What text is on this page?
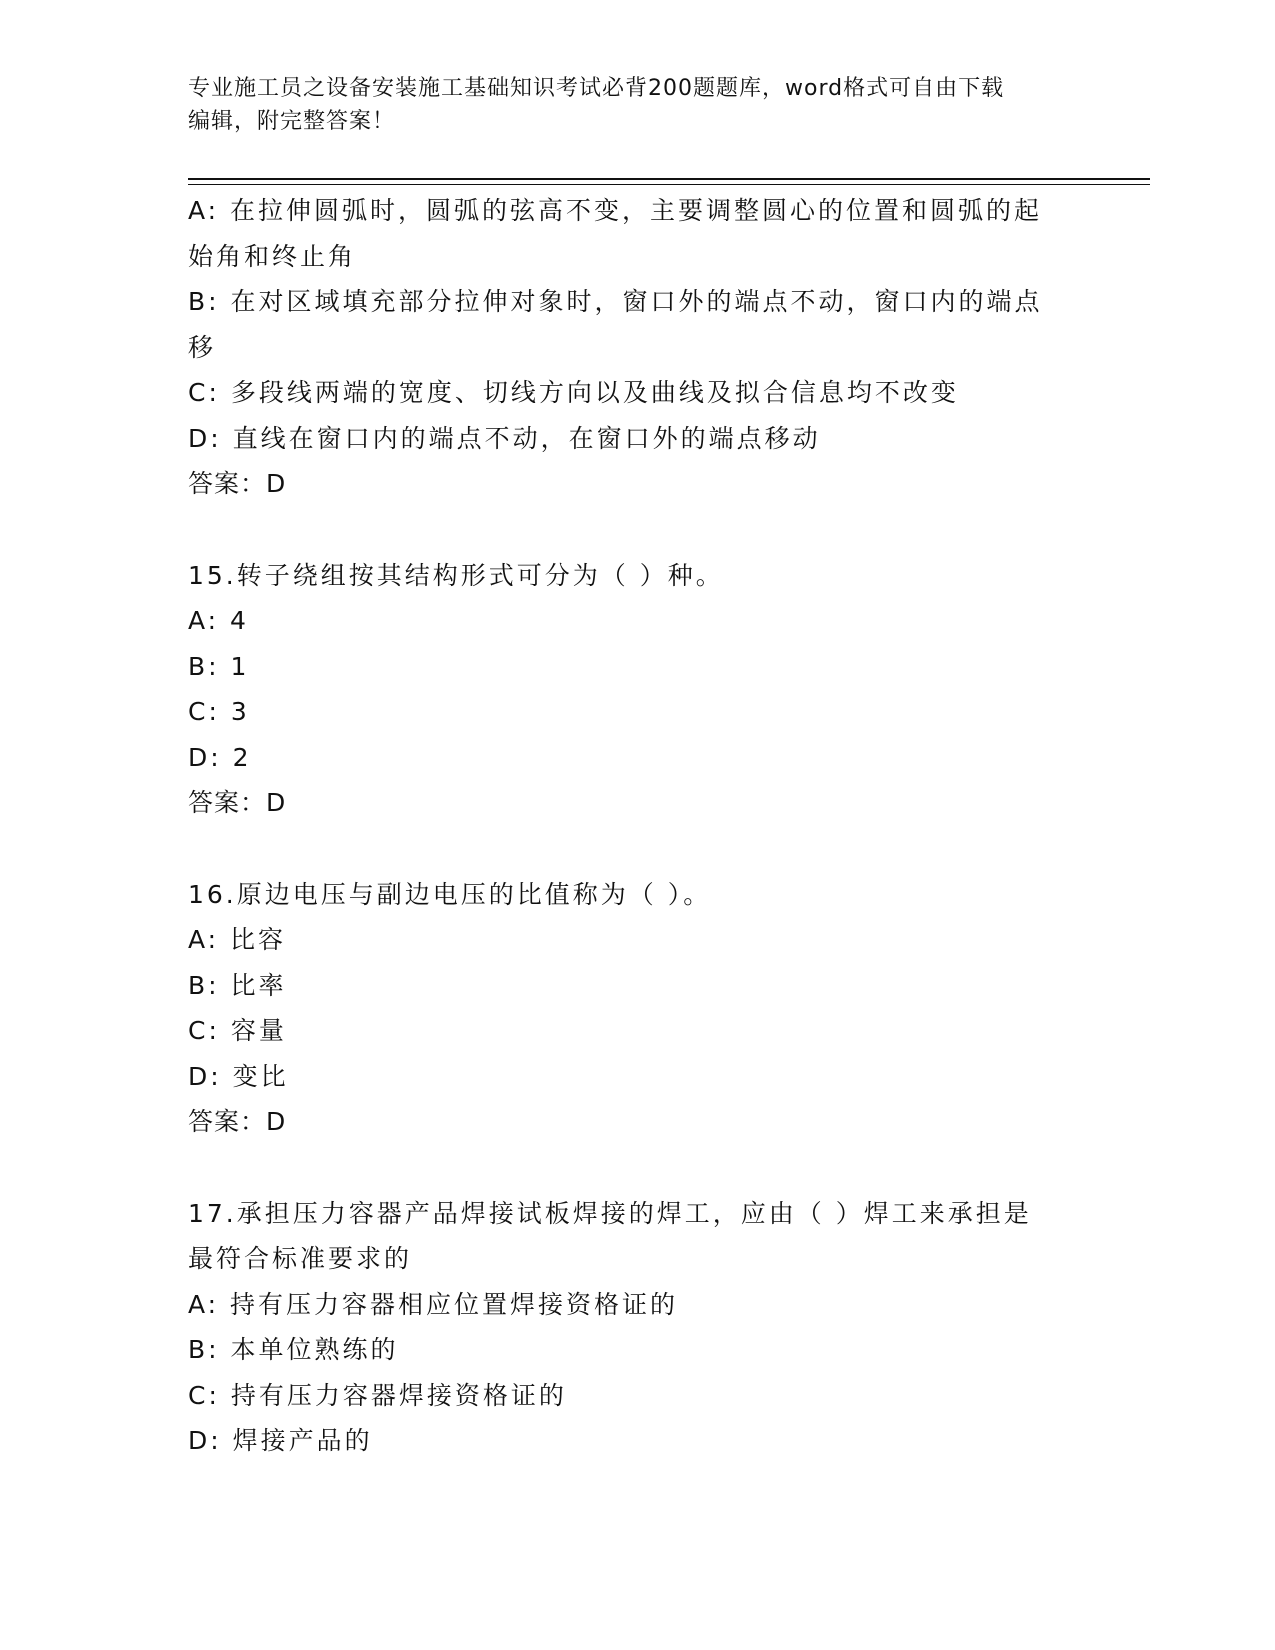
专业施工员之设备安装施工基础知识考试必背200题题库，word格式可自由下载
编辑，附完整答案！
A: 在拉伸圆弧时，圆弧的弦高不变，主要调整圆心的位置和圆弧的起
始角和终止角
B: 在对区域填充部分拉伸对象时，窗口外的端点不动，窗口内的端点
移
C: 多段线两端的宽度、切线方向以及曲线及拟合信息均不改变
D: 直线在窗口内的端点不动，在窗口外的端点移动
答案：D
15.转子绕组按其结构形式可分为（ ）种。
A: 4
B: 1
C: 3
D: 2
答案：D
16.原边电压与副边电压的比值称为（ ）。
A: 比容
B: 比率
C: 容量
D: 变比
答案：D
17.承担压力容器产品焊接试板焊接的焊工，应由（ ）焊工来承担是
最符合标准要求的
A: 持有压力容器相应位置焊接资格证的
B: 本单位熟练的
C: 持有压力容器焊接资格证的
D: 焊接产品的
